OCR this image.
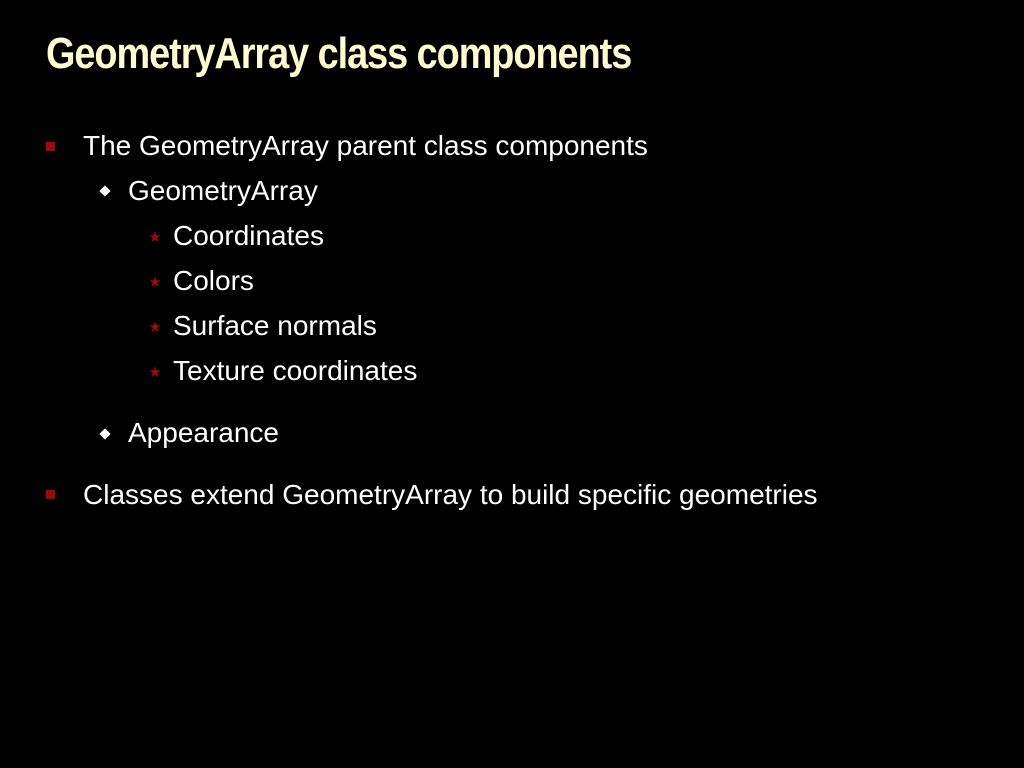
GeometryArray class components
The GeometryArray parent class components
GeometryArray
Coordinates
Colors
Surface normals
Texture coordinates
Appearance
Classes extend GeometryArray to build specific geometries
